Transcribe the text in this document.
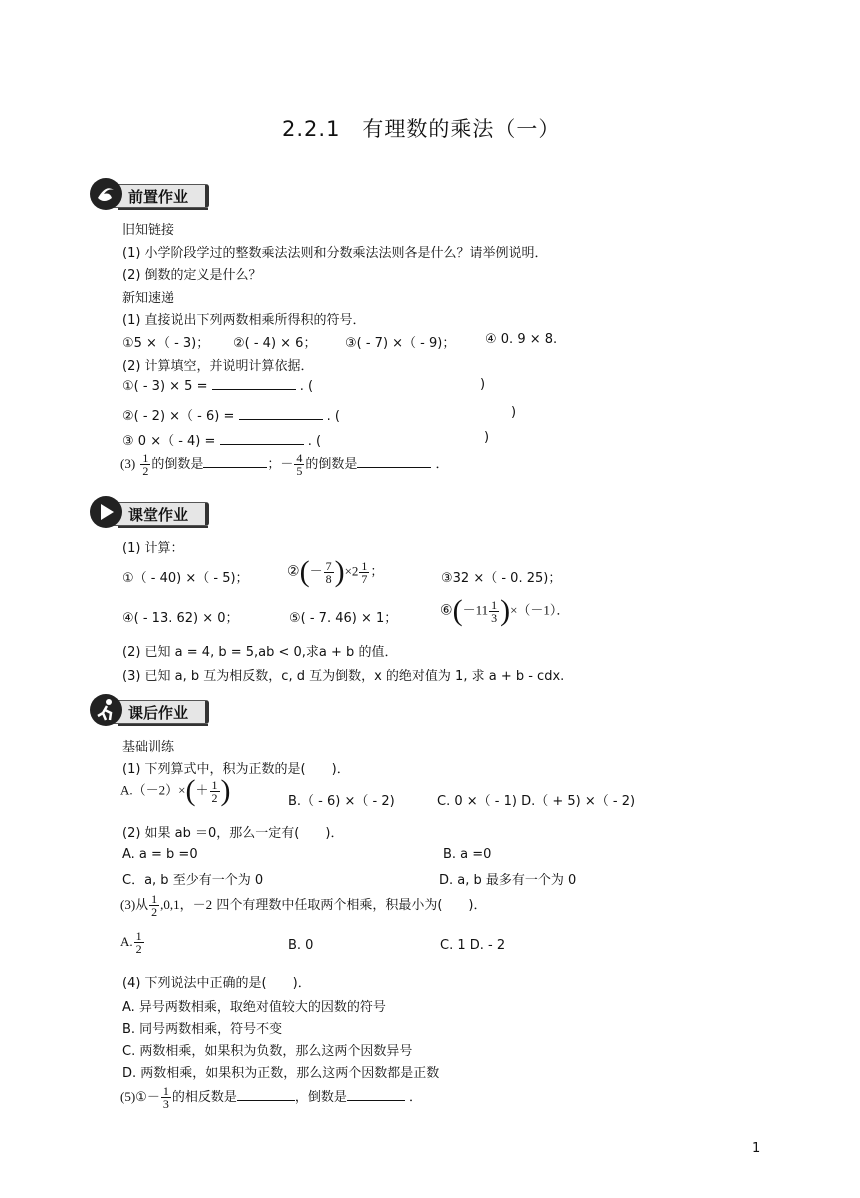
2.2.1　有理数的乘法（一）
前置作业
旧知链接
(1) 小学阶段学过的整数乘法法则和分数乘法法则各是什么？请举例说明．
(2) 倒数的定义是什么？
新知速递
(1) 直接说出下列两数相乘所得积的符号．
①5 ×（ - 3)； ②( - 4) × 6； ③( - 7) ×（ - 9)； ④ 0. 9 × 8.
(2) 计算填空，并说明计算依据．
①( - 3) × 5 =	. (	)
②( - 2) ×（ - 6) =	. (	)
③ 0 ×（ - 4) =	. (	)
$(3) \frac{1}{2}$ 的倒数是	；－ $\frac{4}{5}$ 的倒数是	．
课堂作业
(1) 计算：
①（ - 40) ×（ - 5)；	②(－ $\frac{7}{8} )\times 2 \frac{1}{7}$ ；	③32 ×（ - 0. 25)；
④( - 13. 62) × 0；	⑤( - 7. 46) × 1；	⑥(－11 $\frac{1}{3} )\times(-1)$．
(2) 已知 a = 4, b = 5,ab < 0,求a + b 的值．
(3) 已知 a, b 互为相反数，c, d 互为倒数，x 的绝对值为 1, 求 a + b - cdx.
课后作业
基础训练
(1) 下列算式中，积为正数的是(　　)．
$A.(-2)\times(+ \frac{1}{2}$ )	B.（ - 6) ×（ - 2)	C. 0 ×（ - 1) D.（ + 5) ×（ - 2)
(2) 如果 ab ＝0，那么一定有(　　)．
A. a = b =0	B. a =0
C．a, b 至少有一个为 0	D. a, b 最多有一个为 0
(3)从 $\frac{1}{2} ,0,1$，－2 四个有理数中任取两个相乘，积最小为(　　)．
A. $\frac{1}{2}$	B. 0	C. 1 D. - 2
(4) 下列说法中正确的是(　　)．
A. 异号两数相乘，取绝对值较大的因数的符号
B. 同号两数相乘，符号不变
C. 两数相乘，如果积为负数，那么这两个因数异号
D. 两数相乘，如果积为正数，那么这两个因数都是正数
(5)①－ $\frac{1}{3}$ 的相反数是	，倒数是	．
1
